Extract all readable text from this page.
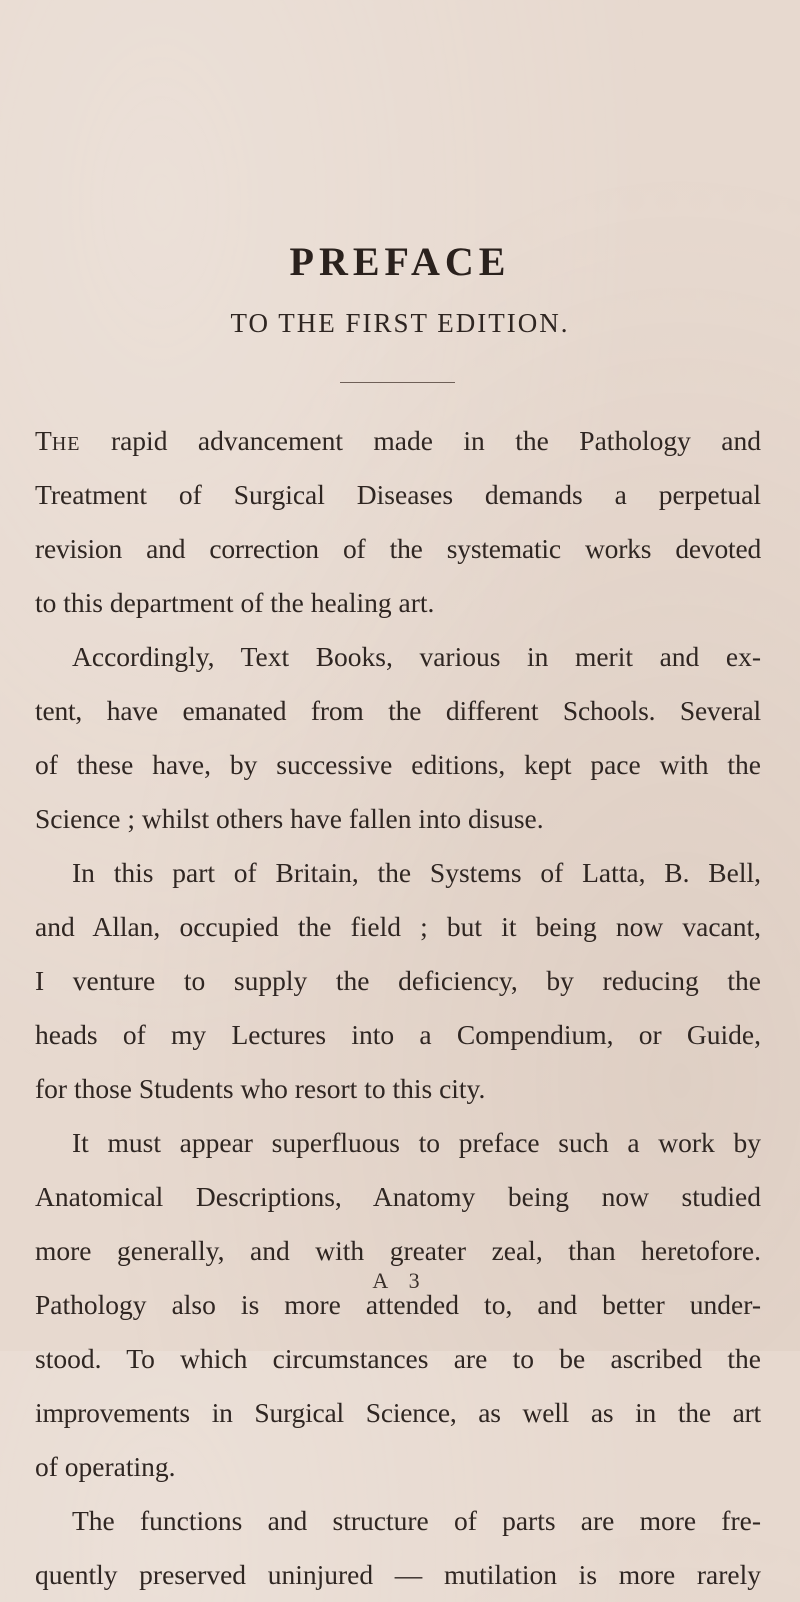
PREFACE
TO THE FIRST EDITION.
THE rapid advancement made in the Pathology and
Treatment of Surgical Diseases demands a perpetual
revision and correction of the systematic works devoted
to this department of the healing art.
Accordingly, Text Books, various in merit and ex-
tent, have emanated from the different Schools. Several
of these have, by successive editions, kept pace with the
Science ; whilst others have fallen into disuse.
In this part of Britain, the Systems of Latta, B. Bell,
and Allan, occupied the field ; but it being now vacant,
I venture to supply the deficiency, by reducing the
heads of my Lectures into a Compendium, or Guide,
for those Students who resort to this city.
It must appear superfluous to preface such a work by
Anatomical Descriptions, Anatomy being now studied
more generally, and with greater zeal, than heretofore.
Pathology also is more attended to, and better under-
stood. To which circumstances are to be ascribed the
improvements in Surgical Science, as well as in the art
of operating.
The functions and structure of parts are more fre-
quently preserved uninjured — mutilation is more rarely
A 3
